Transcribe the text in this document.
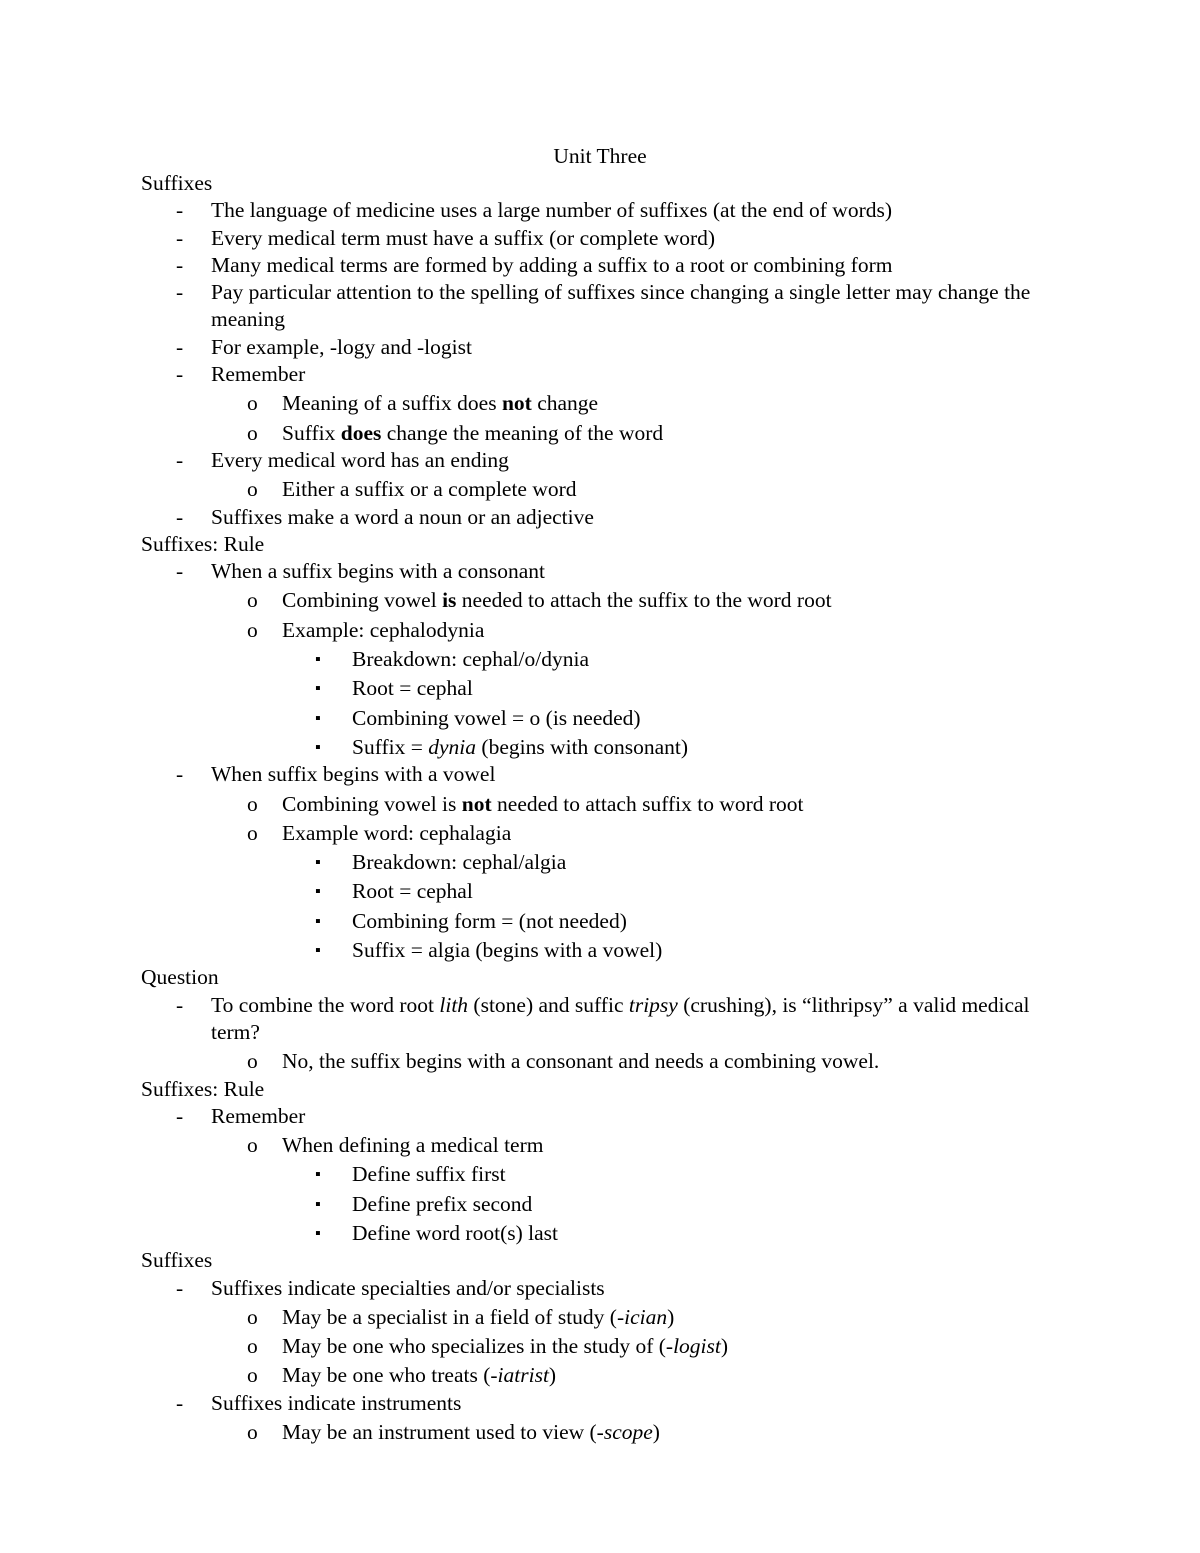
Unit Three
Suffixes
- The language of medicine uses a large number of suffixes (at the end of words)
- Every medical term must have a suffix (or complete word)
- Many medical terms are formed by adding a suffix to a root or combining form
- Pay particular attention to the spelling of suffixes since changing a single letter may change the meaning
- For example, -logy and -logist
- Remember
o Meaning of a suffix does not change
o Suffix does change the meaning of the word
- Every medical word has an ending
o Either a suffix or a complete word
- Suffixes make a word a noun or an adjective
Suffixes: Rule
- When a suffix begins with a consonant
o Combining vowel is needed to attach the suffix to the word root
o Example: cephalodynia
▪ Breakdown: cephal/o/dynia
▪ Root = cephal
▪ Combining vowel = o (is needed)
▪ Suffix = dynia (begins with consonant)
- When suffix begins with a vowel
o Combining vowel is not needed to attach suffix to word root
o Example word: cephalagia
▪ Breakdown: cephal/algia
▪ Root = cephal
▪ Combining form = (not needed)
▪ Suffix = algia (begins with a vowel)
Question
- To combine the word root lith (stone) and suffic tripsy (crushing), is “lithripsy” a valid medical term?
o No, the suffix begins with a consonant and needs a combining vowel.
Suffixes: Rule
- Remember
o When defining a medical term
▪ Define suffix first
▪ Define prefix second
▪ Define word root(s) last
Suffixes
- Suffixes indicate specialties and/or specialists
o May be a specialist in a field of study (-ician)
o May be one who specializes in the study of (-logist)
o May be one who treats (-iatrist)
- Suffixes indicate instruments
o May be an instrument used to view (-scope)
